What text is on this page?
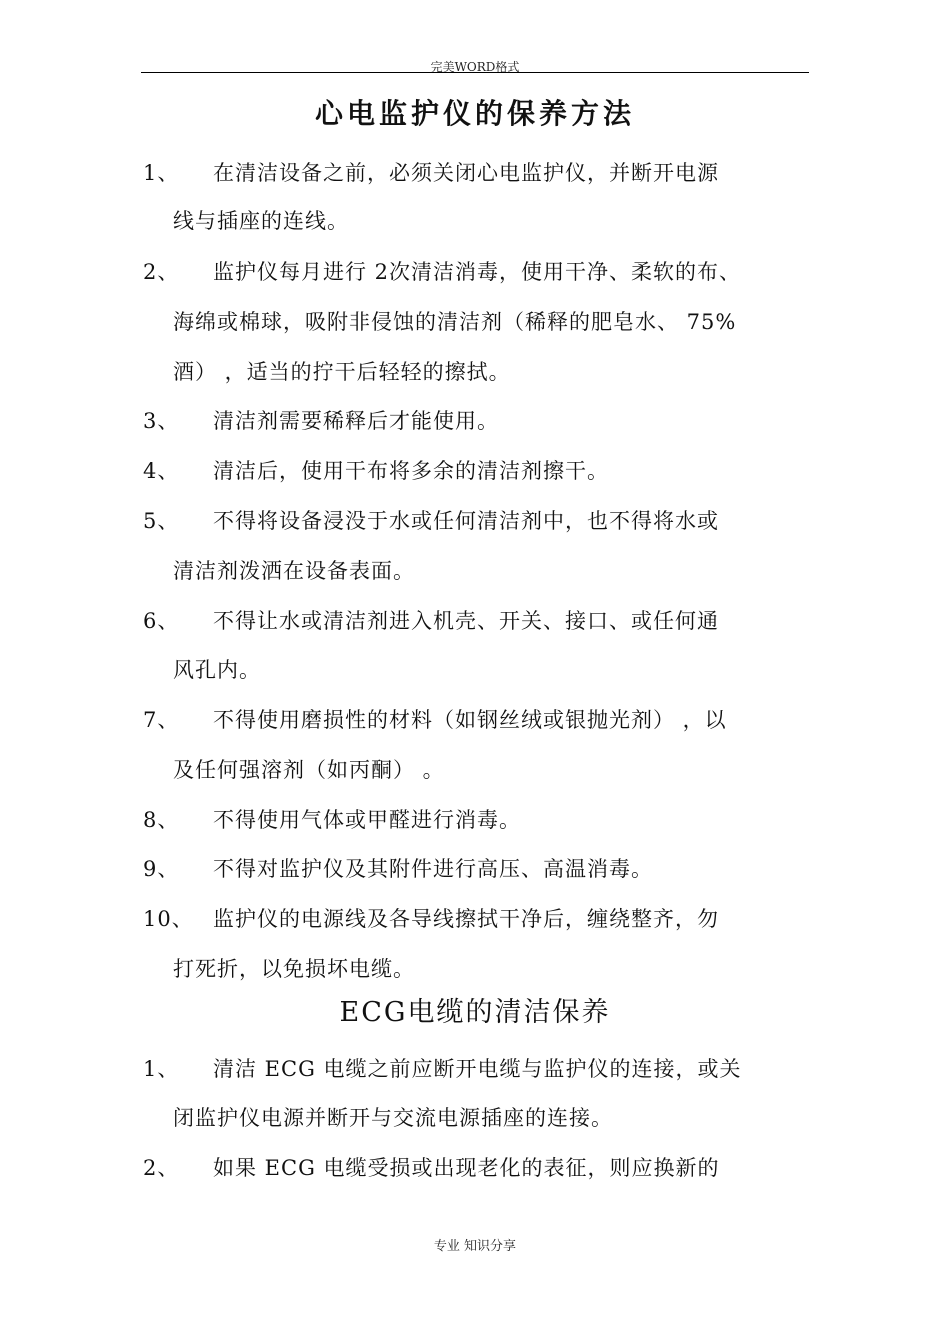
完美WORD格式
心电监护仪的保养方法
1、 在清洁设备之前，必须关闭心电监护仪，并断开电源
线与插座的连线。
2、 监护仪每月进行 2次清洁消毒，使用干净、柔软的布、
海绵或棉球，吸附非侵蚀的清洁剂（稀释的肥皂水、 75%
酒） ，适当的拧干后轻轻的擦拭。
3、 清洁剂需要稀释后才能使用。
4、 清洁后，使用干布将多余的清洁剂擦干。
5、 不得将设备浸没于水或任何清洁剂中，也不得将水或
清洁剂泼洒在设备表面。
6、 不得让水或清洁剂进入机壳、开关、接口、或任何通
风孔内。
7、 不得使用磨损性的材料（如钢丝绒或银抛光剂） ，以
及任何强溶剂（如丙酮） 。
8、 不得使用气体或甲醛进行消毒。
9、 不得对监护仪及其附件进行高压、高温消毒。
10、 监护仪的电源线及各导线擦拭干净后，缠绕整齐，勿
打死折，以免损坏电缆。
ECG电缆的清洁保养
1、 清洁 ECG 电缆之前应断开电缆与监护仪的连接，或关
闭监护仪电源并断开与交流电源插座的连接。
2、 如果 ECG 电缆受损或出现老化的表征，则应换新的
专业 知识分享
